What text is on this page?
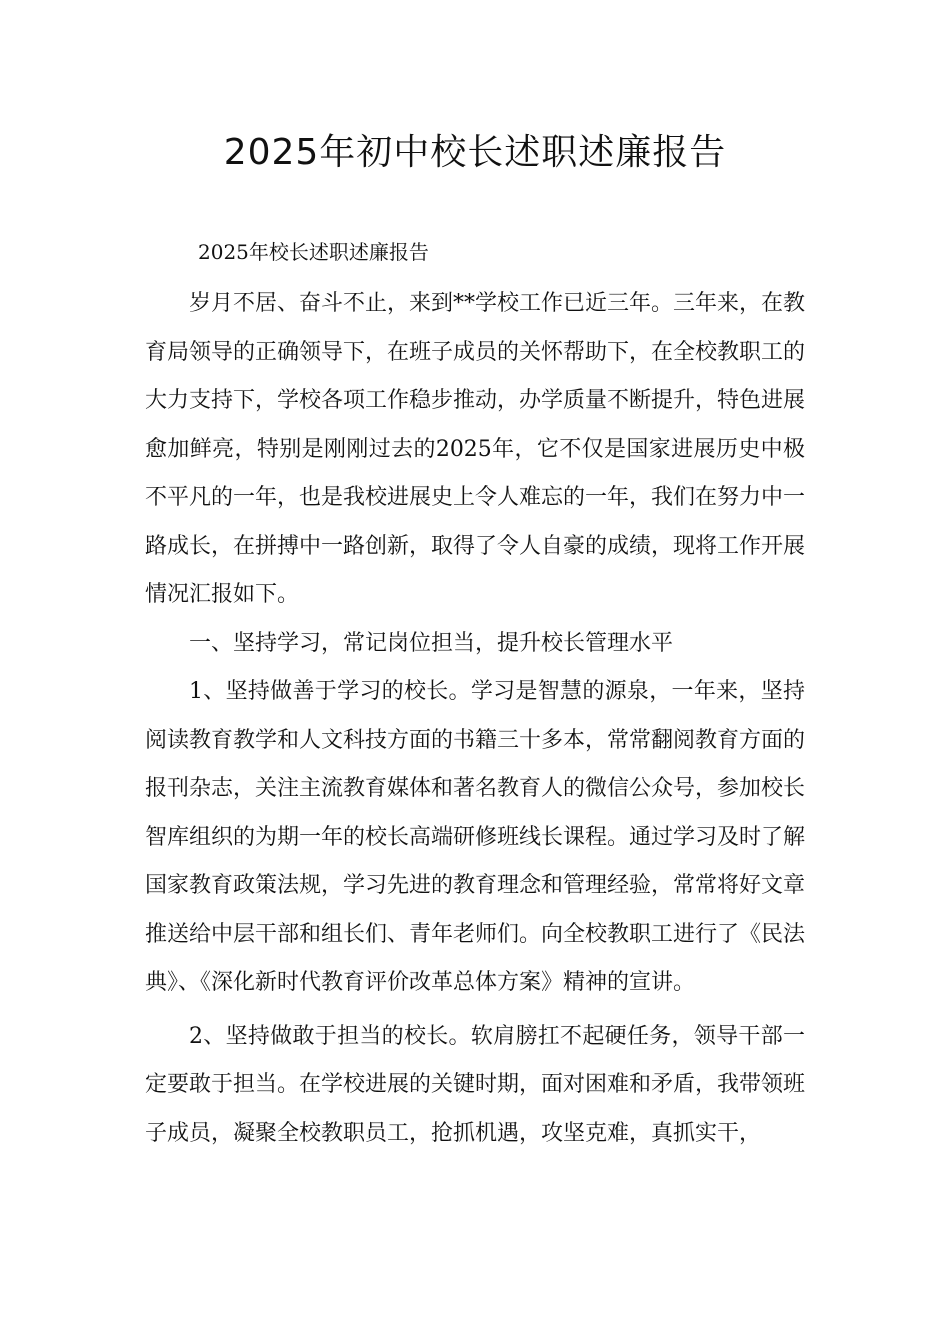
2025年初中校长述职述廉报告

2025年校长述职述廉报告

岁月不居、奋斗不止，来到**学校工作已近三年。三年来，在教育局领导的正确领导下，在班子成员的关怀帮助下，在全校教职工的大力支持下，学校各项工作稳步推动，办学质量不断提升，特色进展愈加鲜亮，特别是刚刚过去的2025年，它不仅是国家进展历史中极不平凡的一年，也是我校进展史上令人难忘的一年，我们在努力中一路成长，在拼搏中一路创新，取得了令人自豪的成绩，现将工作开展情况汇报如下。

一、坚持学习，常记岗位担当，提升校长管理水平

1、坚持做善于学习的校长。学习是智慧的源泉，一年来，坚持阅读教育教学和人文科技方面的书籍三十多本，常常翻阅教育方面的报刊杂志，关注主流教育媒体和著名教育人的微信公众号，参加校长智库组织的为期一年的校长高端研修班线长课程。通过学习及时了解国家教育政策法规，学习先进的教育理念和管理经验，常常将好文章推送给中层干部和组长们、青年老师们。向全校教职工进行了《民法典》、《深化新时代教育评价改革总体方案》精神的宣讲。

2、坚持做敢于担当的校长。软肩膀扛不起硬任务，领导干部一定要敢于担当。在学校进展的关键时期，面对困难和矛盾，我带领班子成员，凝聚全校教职员工，抢抓机遇，攻坚克难，真抓实干，
